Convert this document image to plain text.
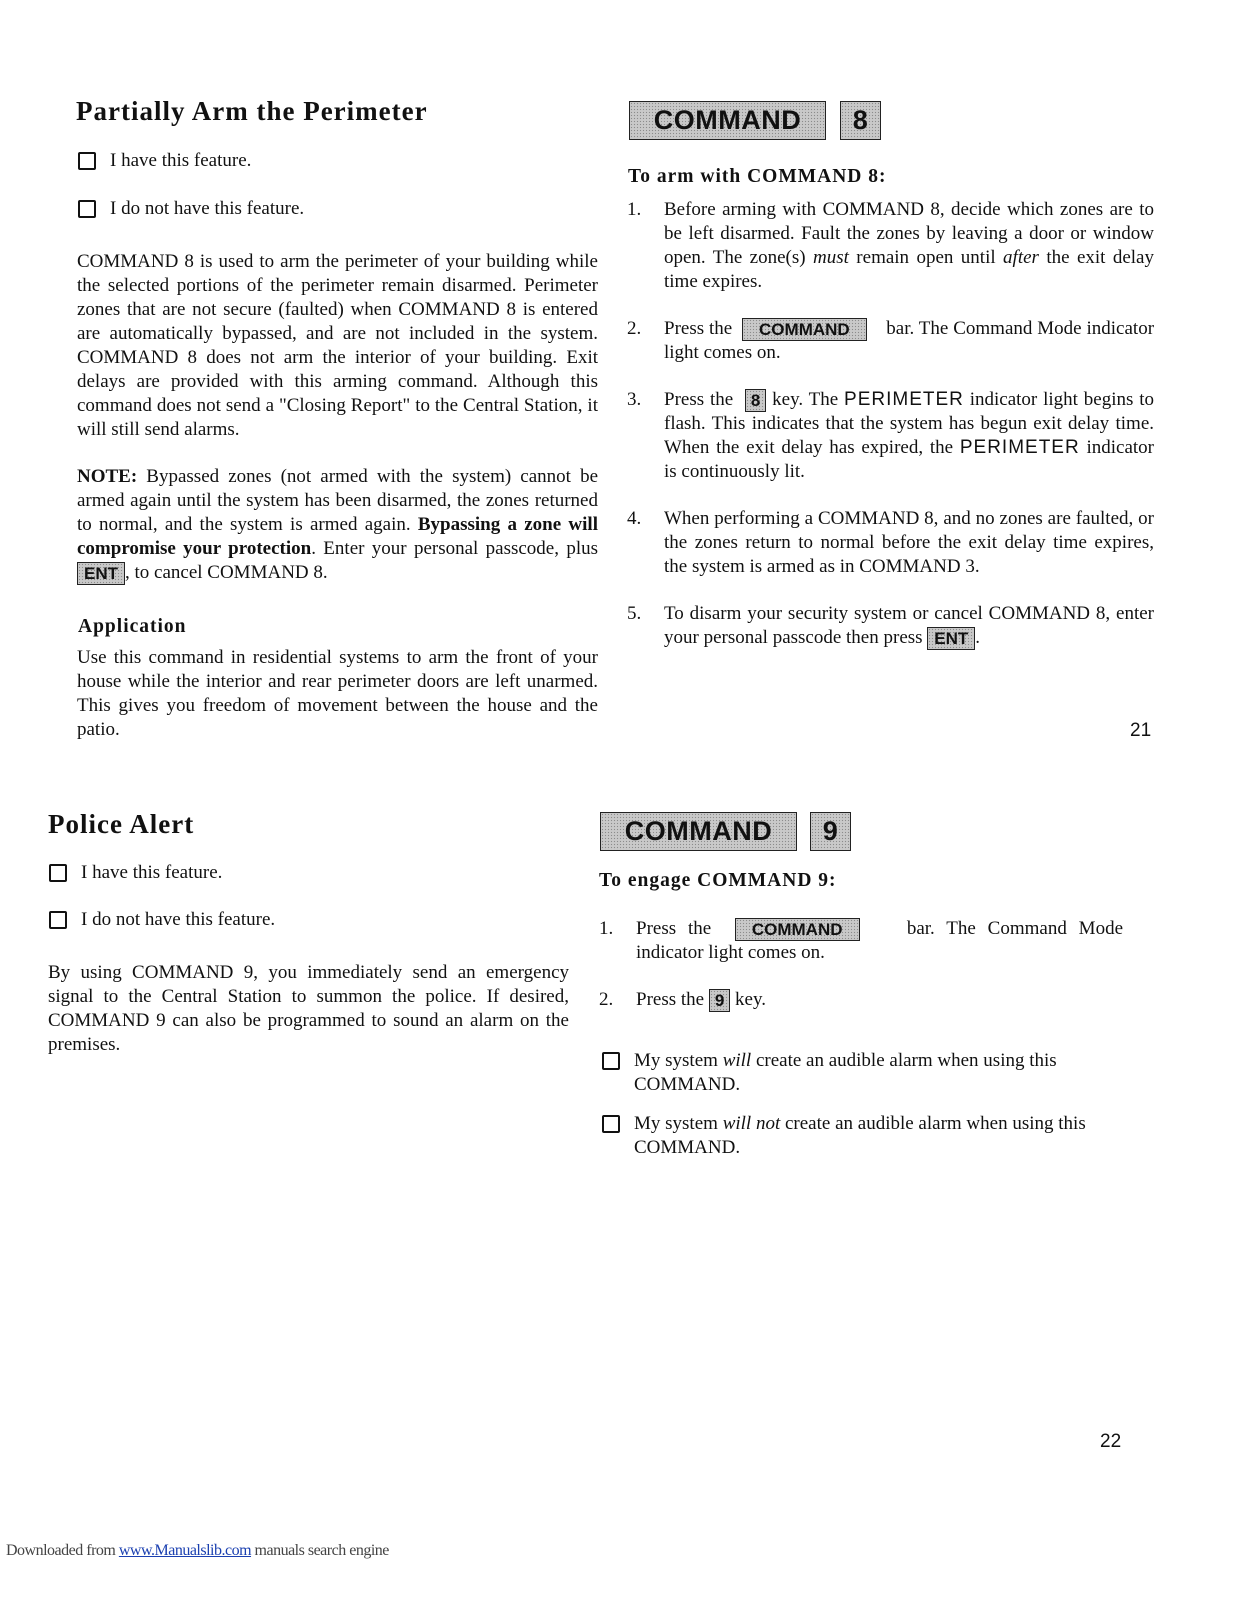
Partially Arm the Perimeter
I have this feature.
I do not have this feature.

COMMAND 8 is used to arm the perimeter of your building while the selected portions of the perimeter remain disarmed. Perimeter zones that are not secure (faulted) when COMMAND 8 is entered are automatically bypassed, and are not included in the system. COMMAND 8 does not arm the interior of your building. Exit delays are provided with this arming command. Although this command does not send a "Closing Report" to the Central Station, it will still send alarms.

NOTE: Bypassed zones (not armed with the system) cannot be armed again until the system has been disarmed, the zones returned to normal, and the system is armed again. Bypassing a zone will compromise your protection. Enter your personal passcode, plusENT , to cancel COMMAND 8.

Application

Use this command in residential systems to arm the front of your house while the interior and rear perimeter doors are left unarmed. This gives you freedom of movement between the house and the patio.

COMMAND	8
To arm with COMMAND 8:
1. Before arming with COMMAND 8, decide which zones are to be left disarmed. Fault the zones by leaving a door or window open. The zone(s) must remain open until after the exit delay time expires.
2. Press the COMMAND bar. The Command Mode indicator light comes on.
3. Press the 8 key. The PERIMETER indicator light begins to flash. This indicates that the system has begun exit delay time. When the exit delay has expired, the PERIMETER indicator is continuously lit.
4. When performing a COMMAND 8, and no zones are faulted, or the zones return to normal before the exit delay time expires, the system is armed as in COMMAND 3.
5. To disarm your security system or cancel COMMAND 8, enter your personal passcode then press ENT .
21
Police Alert
I have this feature.
I do not have this feature.

By using COMMAND 9, you immediately send an emergency signal to the Central Station to summon the police. If desired, COMMAND 9 can also be programmed to sound an alarm on the premises.

COMMAND	9
To engage COMMAND 9:
1. Press the COMMAND	bar. The Command Mode indicator light comes on.
2. Press the 9 key.
My system will create an audible alarm when using this COMMAND.
My system will not create an audible alarm when using this COMMAND.
22
Downloaded from www.Manualslib.com manuals search engine
